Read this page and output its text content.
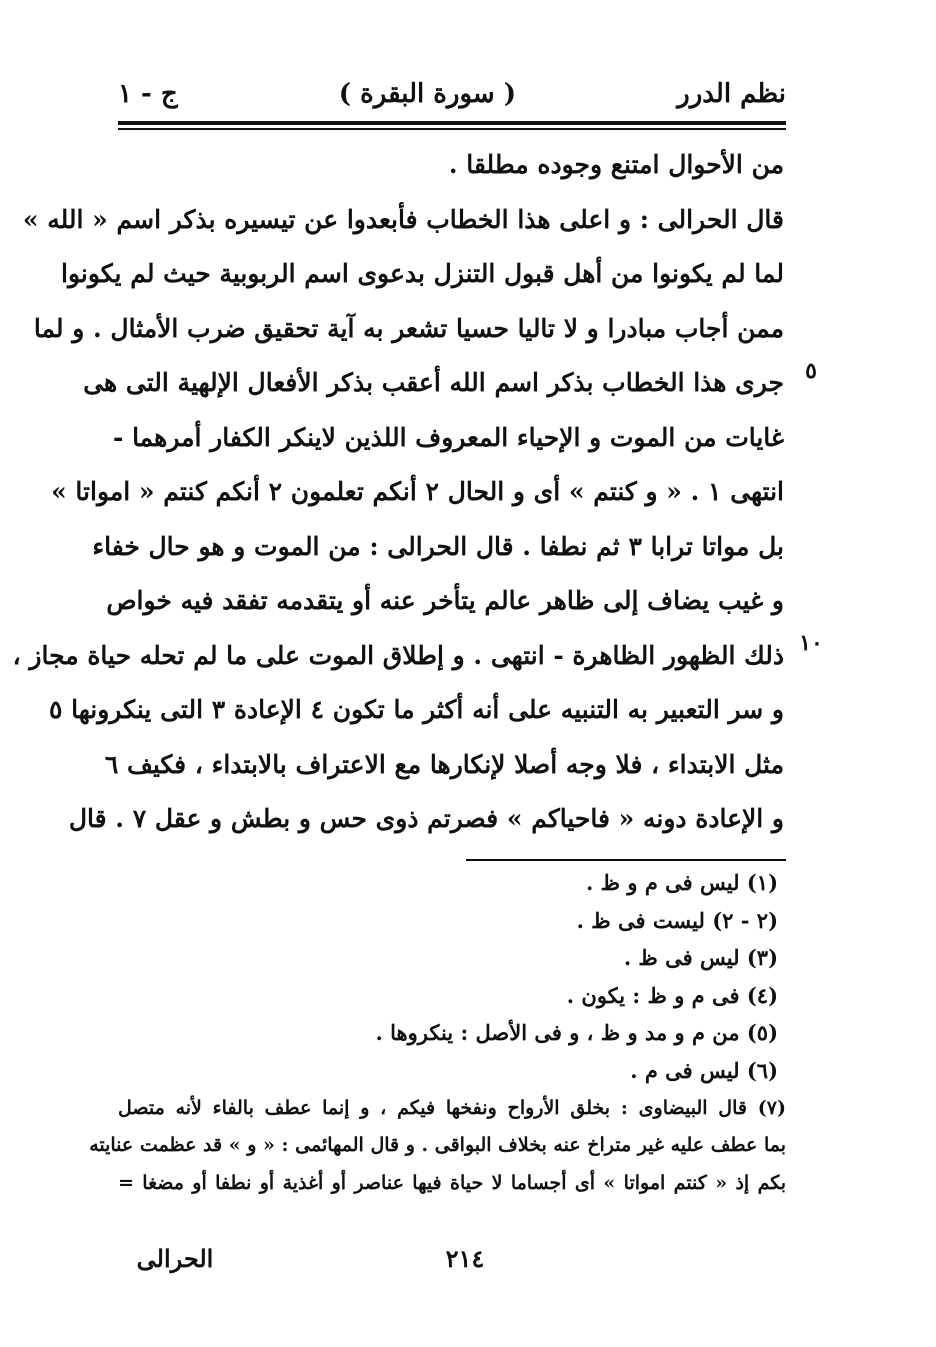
نظم الدرر
( سورة البقرة )
ج - ١
من الأحوال امتنع وجوده مطلقا .
قال الحرالى : و اعلى هذا الخطاب فأبعدوا عن تيسيره بذكر اسم « الله »
لما لم يكونوا من أهل قبول التنزل بدعوى اسم الربوبية حيث لم يكونوا
ممن أجاب مبادرا و لا تاليا حسيا تشعر به آية تحقيق ضرب الأمثال . و لما
جرى هذا الخطاب بذكر اسم الله أعقب بذكر الأفعال الإلهية التى هى
غايات من الموت و الإحياء المعروف اللذين لاينكر الكفار أمرهما -
انتهى ١ . « و كنتم » أى و الحال ٢ أنكم تعلمون ٢ أنكم كنتم « امواتا »
بل مواتا ترابا ٣ ثم نطفا . قال الحرالى : من الموت و هو حال خفاء
و غيب يضاف إلى ظاهر عالم يتأخر عنه أو يتقدمه تفقد فيه خواص
ذلك الظهور الظاهرة - انتهى . و إطلاق الموت على ما لم تحله حياة مجاز ،
و سر التعبير به التنبيه على أنه أكثر ما تكون ٤ الإعادة ٣ التى ينكرونها ٥
مثل الابتداء ، فلا وجه أصلا لإنكارها مع الاعتراف بالابتداء ، فكيف ٦
و الإعادة دونه « فاحياكم » فصرتم ذوى حس و بطش و عقل ٧ . قال
٥
١٠
(١) ليس فى م و ظ .
(٢ - ٢) ليست فى ظ .
(٣) ليس فى ظ .
(٤) فى م و ظ : يكون .
(٥) من م و مد و ظ ، و فى الأصل : ينكروها .
(٦) ليس فى م .
(٧) قال البيضاوى : بخلق الأرواح ونفخها فيكم ، و إنما عطف بالفاء لأنه متصل
بما عطف عليه غير متراخ عنه بخلاف البواقى . و قال المهائمى : « و » قد عظمت عنايته
بكم إذ « كنتم امواتا » أى أجساما لا حياة فيها عناصر أو أغذية أو نطفا أو مضغا =
٢١٤
الحرالى
